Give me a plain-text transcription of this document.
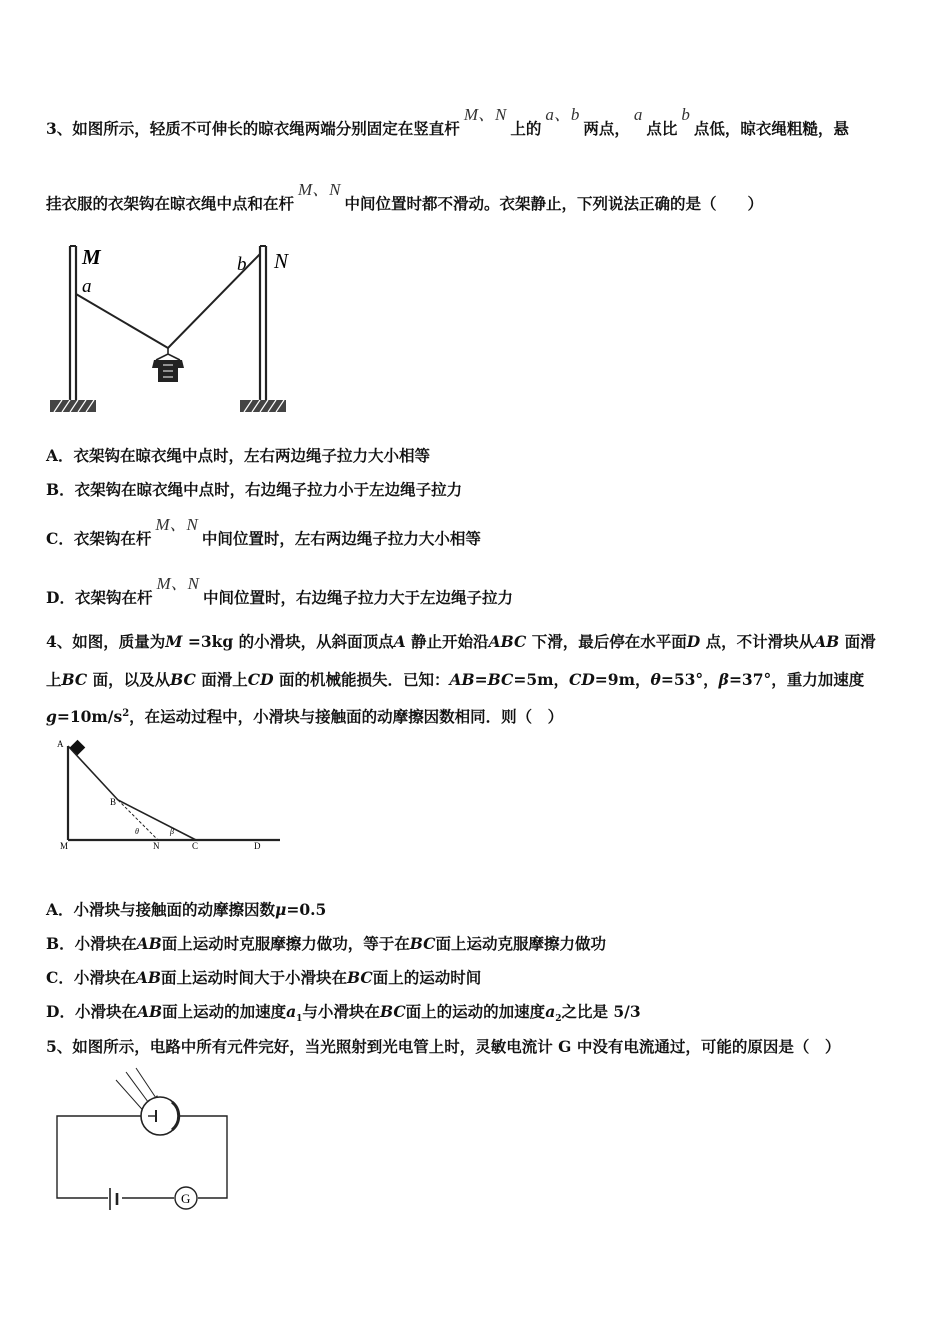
3、如图所示，轻质不可伸长的晾衣绳两端分别固定在竖直杆M、N上的a、b两点，a点比b点低，晾衣绳粗糙，悬
挂衣服的衣架钩在晾衣绳中点和在杆M、N中间位置时都不滑动。衣架静止，下列说法正确的是（　　）
M
a
b N
A．衣架钩在晾衣绳中点时，左右两边绳子拉力大小相等
B．衣架钩在晾衣绳中点时，右边绳子拉力小于左边绳子拉力
C．衣架钩在杆M、N中间位置时，左右两边绳子拉力大小相等
D．衣架钩在杆M、N中间位置时，右边绳子拉力大于左边绳子拉力
4、如图，质量为M =3kg 的小滑块，从斜面顶点A 静止开始沿ABC 下滑，最后停在水平面D 点，不计滑块从AB 面滑
上BC 面，以及从BC 面滑上CD 面的机械能损失．已知：AB=BC=5m，CD=9m，θ=53°，β=37°，重力加速度
$g=10m/s^2$，在运动过程中，小滑块与接触面的动摩擦因数相同．则（　）
A
B
M	N	C	D
θ	β
A．小滑块与接触面的动摩擦因数μ=0.5
B．小滑块在AB面上运动时克服摩擦力做功，等于在BC面上运动克服摩擦力做功
C．小滑块在AB面上运动时间大于小滑块在BC面上的运动时间
D．小滑块在AB面上运动的加速度$a_1$与小滑块在BC面上的运动的加速度$a_2$之比是 5/3
5、如图所示，电路中所有元件完好，当光照射到光电管上时，灵敏电流计 G 中没有电流通过，可能的原因是（　）
G
